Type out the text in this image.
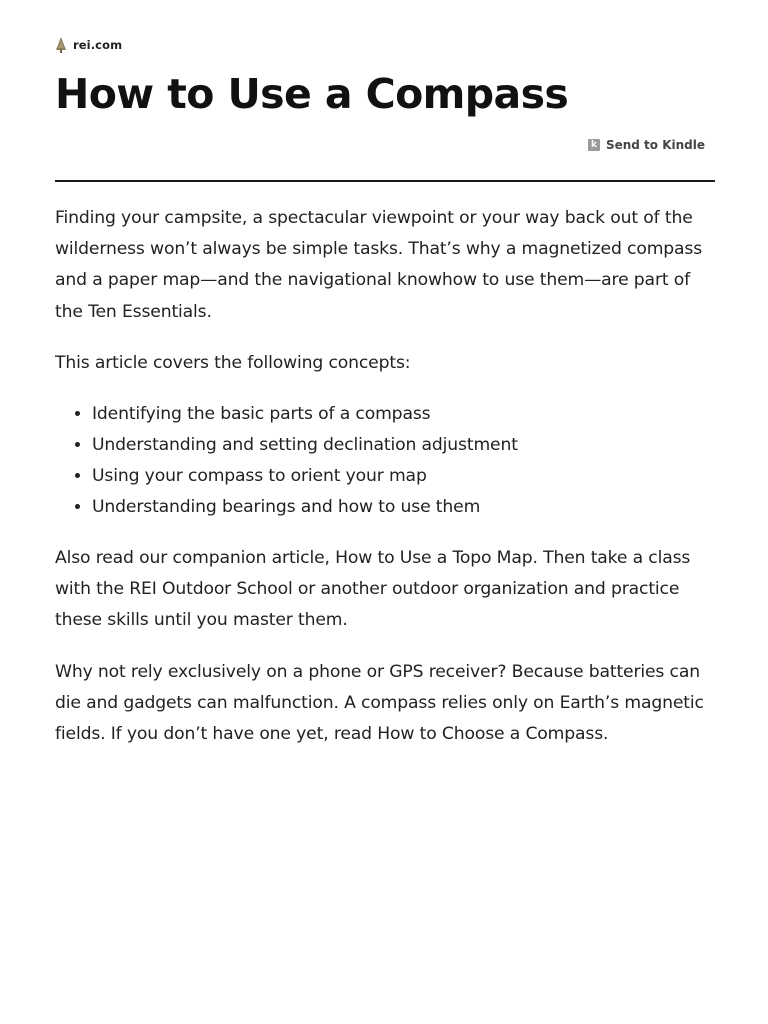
rei.com
How to Use a Compass
k Send to Kindle

Finding your campsite, a spectacular viewpoint or your way back out of the wilderness won’t always be simple tasks. That’s why a magnetized compass and a paper map—and the navigational knowhow to use them—are part of the Ten Essentials.

This article covers the following concepts:

• Identifying the basic parts of a compass
• Understanding and setting declination adjustment
• Using your compass to orient your map
• Understanding bearings and how to use them

Also read our companion article, How to Use a Topo Map. Then take a class with the REI Outdoor School or another outdoor organization and practice these skills until you master them.

Why not rely exclusively on a phone or GPS receiver? Because batteries can die and gadgets can malfunction. A compass relies only on Earth’s magnetic fields. If you don’t have one yet, read How to Choose a Compass.
